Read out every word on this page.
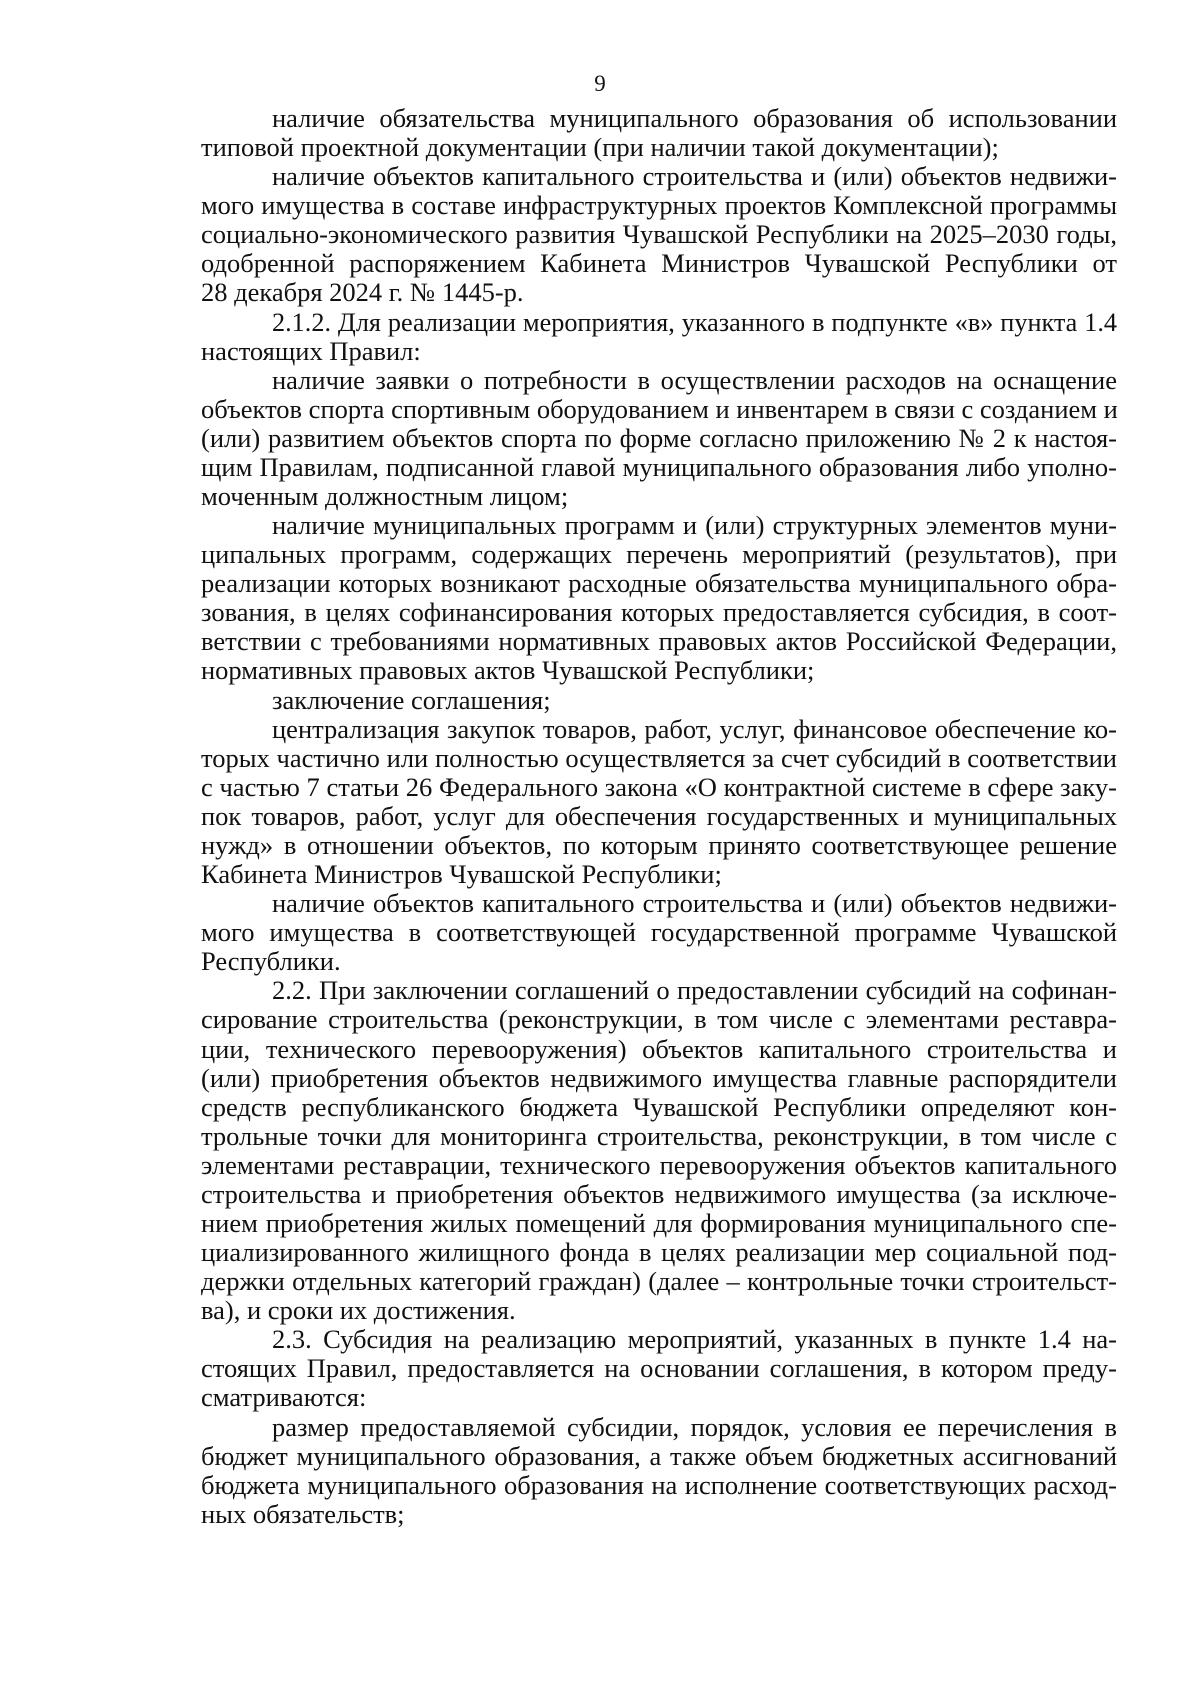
9
наличие обязательства муниципального образования об использовании
типовой проектной документации (при наличии такой документации);
наличие объектов капитального строительства и (или) объектов недвижи-
мого имущества в составе инфраструктурных проектов Комплексной программы
социально-экономического развития Чувашской Республики на 2025–2030 годы,
одобренной распоряжением Кабинета Министров Чувашской Республики от
28 декабря 2024 г. № 1445-р.
2.1.2. Для реализации мероприятия, указанного в подпункте «в» пункта 1.4
настоящих Правил:
наличие заявки о потребности в осуществлении расходов на оснащение
объектов спорта спортивным оборудованием и инвентарем в связи с созданием и
(или) развитием объектов спорта по форме согласно приложению № 2 к настоя-
щим Правилам, подписанной главой муниципального образования либо уполно-
моченным должностным лицом;
наличие муниципальных программ и (или) структурных элементов муни-
ципальных программ, содержащих перечень мероприятий (результатов), при
реализации которых возникают расходные обязательства муниципального обра-
зования, в целях софинансирования которых предоставляется субсидия, в соот-
ветствии с требованиями нормативных правовых актов Российской Федерации,
нормативных правовых актов Чувашской Республики;
заключение соглашения;
централизация закупок товаров, работ, услуг, финансовое обеспечение ко-
торых частично или полностью осуществляется за счет субсидий в соответствии
с частью 7 статьи 26 Федерального закона «О контрактной системе в сфере заку-
пок товаров, работ, услуг для обеспечения государственных и муниципальных
нужд» в отношении объектов, по которым принято соответствующее решение
Кабинета Министров Чувашской Республики;
наличие объектов капитального строительства и (или) объектов недвижи-
мого имущества в соответствующей государственной программе Чувашской
Республики.
2.2. При заключении соглашений о предоставлении субсидий на софинан-
сирование строительства (реконструкции, в том числе с элементами реставра-
ции, технического перевооружения) объектов капитального строительства и
(или) приобретения объектов недвижимого имущества главные распорядители
средств республиканского бюджета Чувашской Республики определяют кон-
трольные точки для мониторинга строительства, реконструкции, в том числе с
элементами реставрации, технического перевооружения объектов капитального
строительства и приобретения объектов недвижимого имущества (за исключе-
нием приобретения жилых помещений для формирования муниципального спе-
циализированного жилищного фонда в целях реализации мер социальной под-
держки отдельных категорий граждан) (далее – контрольные точки строительст-
ва), и сроки их достижения.
2.3. Субсидия на реализацию мероприятий, указанных в пункте 1.4 на-
стоящих Правил, предоставляется на основании соглашения, в котором преду-
сматриваются:
размер предоставляемой субсидии, порядок, условия ее перечисления в
бюджет муниципального образования, а также объем бюджетных ассигнований
бюджета муниципального образования на исполнение соответствующих расход-
ных обязательств;
